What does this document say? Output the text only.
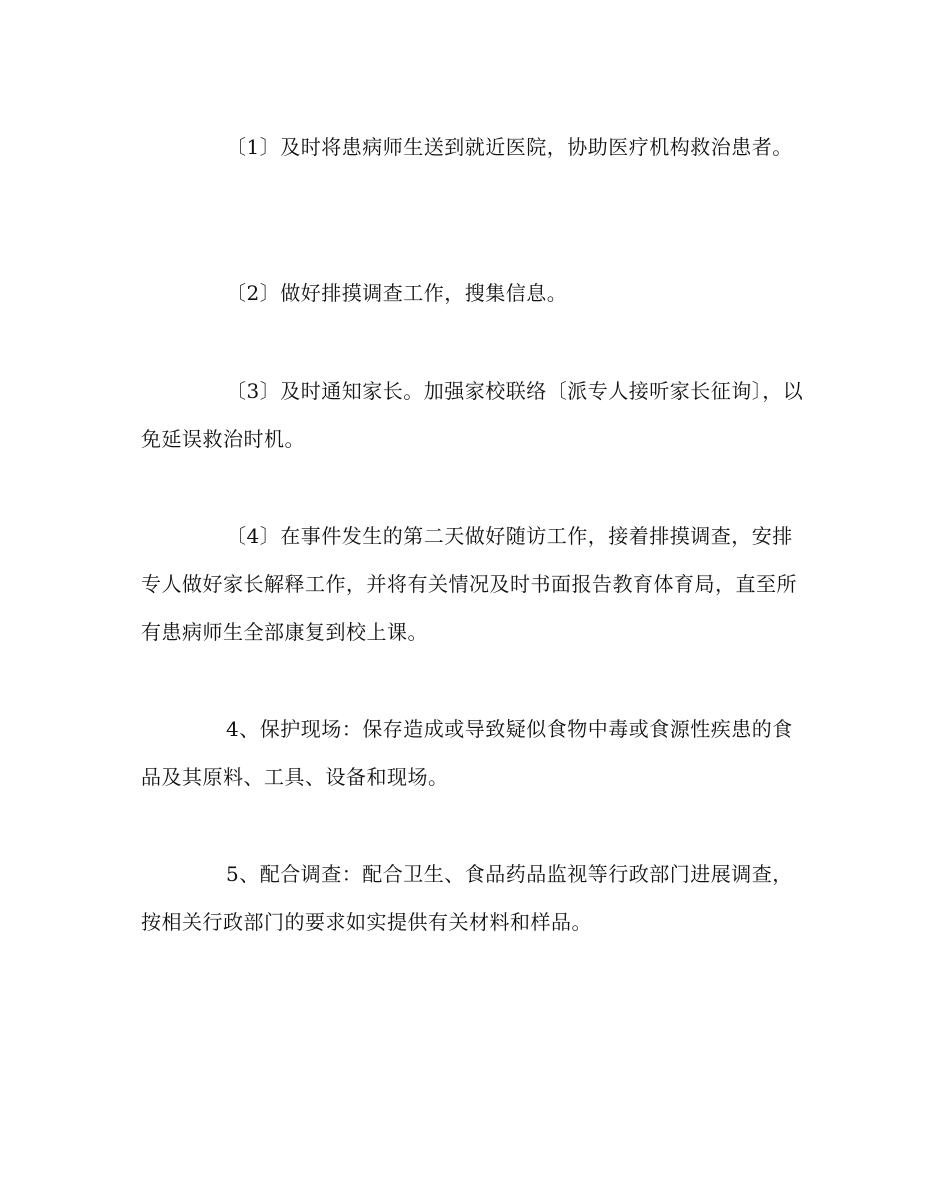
〔1〕及时将患病师生送到就近医院，协助医疗机构救治患者。

〔2〕做好排摸调查工作，搜集信息。

〔3〕及时通知家长。加强家校联络〔派专人接听家长征询〕，以免延误救治时机。

〔4〕在事件发生的第二天做好随访工作，接着排摸调查，安排专人做好家长解释工作，并将有关情况及时书面报告教育体育局，直至所有患病师生全部康复到校上课。

4、保护现场：保存造成或导致疑似食物中毒或食源性疾患的食品及其原料、工具、设备和现场。

5、配合调查：配合卫生、食品药品监视等行政部门进展调查，按相关行政部门的要求如实提供有关材料和样品。
